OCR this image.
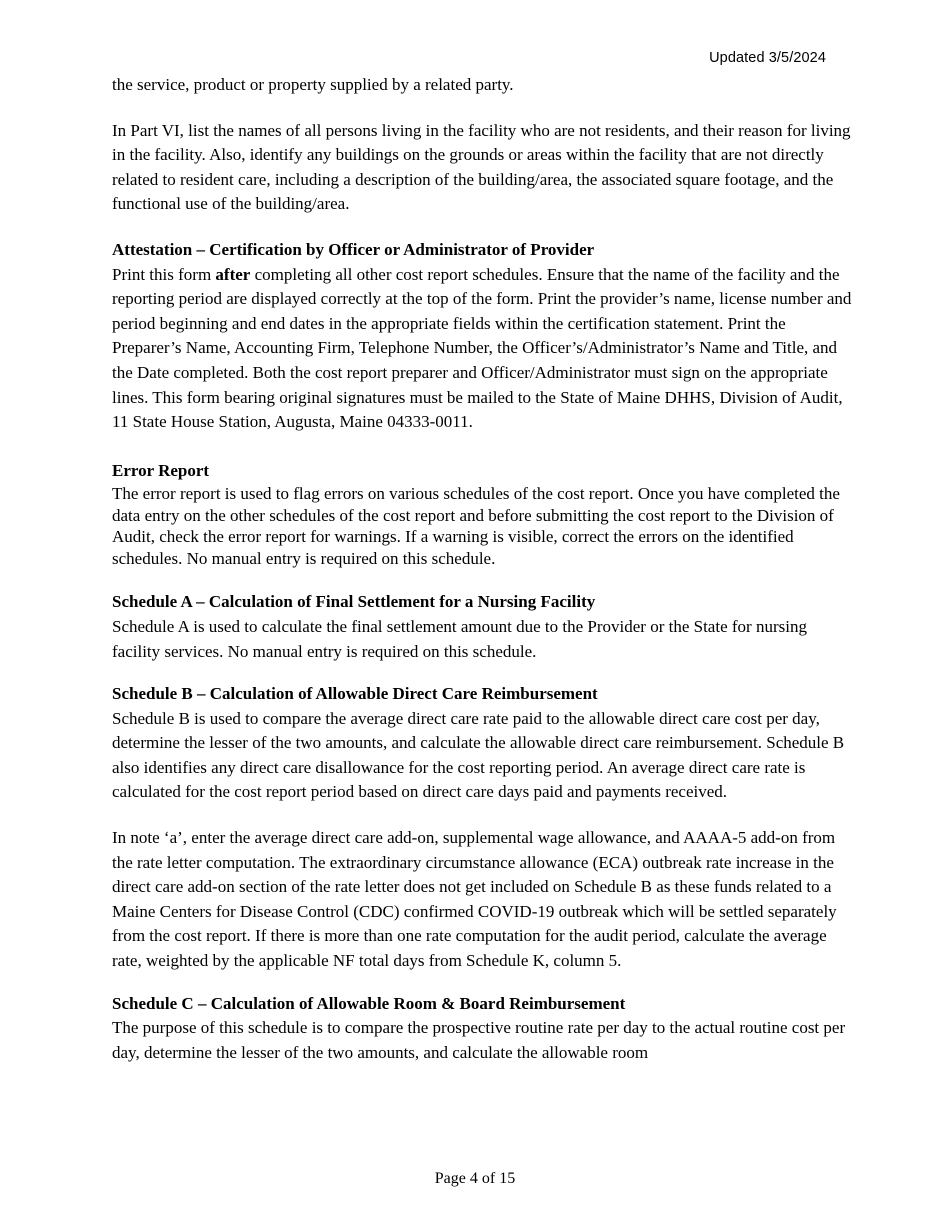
Updated 3/5/2024

the service, product or property supplied by a related party.

In Part VI, list the names of all persons living in the facility who are not residents, and their reason for living in the facility. Also, identify any buildings on the grounds or areas within the facility that are not directly related to resident care, including a description of the building/area, the associated square footage, and the functional use of the building/area.

Attestation – Certification by Officer or Administrator of Provider

Print this form after completing all other cost report schedules. Ensure that the name of the facility and the reporting period are displayed correctly at the top of the form. Print the provider’s name, license number and period beginning and end dates in the appropriate fields within the certification statement. Print the Preparer’s Name, Accounting Firm, Telephone Number, the Officer’s/Administrator’s Name and Title, and the Date completed. Both the cost report preparer and Officer/Administrator must sign on the appropriate lines. This form bearing original signatures must be mailed to the State of Maine DHHS, Division of Audit, 11 State House Station, Augusta, Maine 04333-0011.

Error Report

The error report is used to flag errors on various schedules of the cost report. Once you have completed the data entry on the other schedules of the cost report and before submitting the cost report to the Division of Audit, check the error report for warnings. If a warning is visible, correct the errors on the identified schedules. No manual entry is required on this schedule.

Schedule A – Calculation of Final Settlement for a Nursing Facility

Schedule A is used to calculate the final settlement amount due to the Provider or the State for nursing facility services. No manual entry is required on this schedule.

Schedule B – Calculation of Allowable Direct Care Reimbursement

Schedule B is used to compare the average direct care rate paid to the allowable direct care cost per day, determine the lesser of the two amounts, and calculate the allowable direct care reimbursement. Schedule B also identifies any direct care disallowance for the cost reporting period. An average direct care rate is calculated for the cost report period based on direct care days paid and payments received.

In note ‘a’, enter the average direct care add-on, supplemental wage allowance, and AAAA-5 add-on from the rate letter computation. The extraordinary circumstance allowance (ECA) outbreak rate increase in the direct care add-on section of the rate letter does not get included on Schedule B as these funds related to a Maine Centers for Disease Control (CDC) confirmed COVID-19 outbreak which will be settled separately from the cost report. If there is more than one rate computation for the audit period, calculate the average rate, weighted by the applicable NF total days from Schedule K, column 5.

Schedule C – Calculation of Allowable Room & Board Reimbursement

The purpose of this schedule is to compare the prospective routine rate per day to the actual routine cost per day, determine the lesser of the two amounts, and calculate the allowable room

Page 4 of 15
